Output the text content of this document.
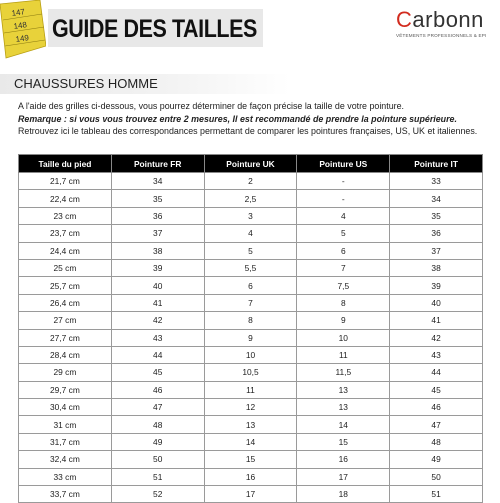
147
148
149 GUIDE DES TAILLES	Carbonn
VÊTEMENTS PROFESSIONNELS & EPI
CHAUSSURES HOMME

A l'aide des grilles ci-dessous, vous pourrez déterminer de façon précise la taille de votre pointure.

Remarque : si vous vous trouvez entre 2 mesures, Il est recommandé de prendre la pointure supérieure.

Retrouvez ici le tableau des correspondances permettant de comparer les pointures françaises, US, UK et italiennes.

Taille du pied	Pointure FR	Pointure UK	Pointure US	Pointure IT
21,7 cm	34	2	-	33
22,4 cm	35	2,5	-	34
23 cm	36	3	4	35
23,7 cm	37	4	5	36
24,4 cm	38	5	6	37
25 cm	39	5,5	7	38
25,7 cm	40	6	7,5	39
26,4 cm	41	7	8	40
27 cm	42	8	9	41
27,7 cm	43	9	10	42
28,4 cm	44	10	11	43
29 cm	45	10,5	11,5	44
29,7 cm	46	11	13	45
30,4 cm	47	12	13	46
31 cm	48	13	14	47
31,7 cm	49	14	15	48
32,4 cm	50	15	16	49
33 cm	51	16	17	50
33,7 cm	52	17	18	51
